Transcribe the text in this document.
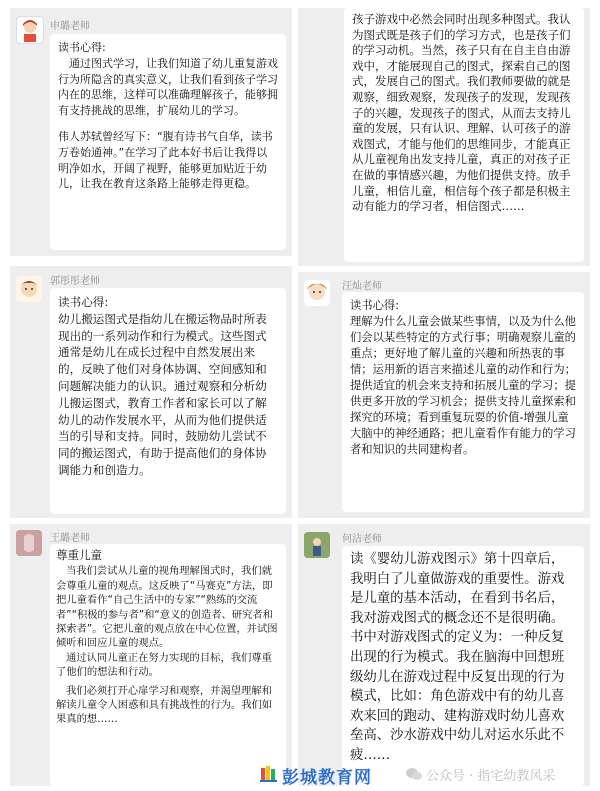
申璐老师

读书心得:

通过图式学习，让我们知道了幼儿重复游戏行为所隐含的真实意义，让我们看到孩子学习内在的思维，这样可以准确理解孩子，能够拥有支持挑战的思维，扩展幼儿的学习。

伟人苏轼曾经写下：“腹有诗书气自华，读书万卷始通神。”在学习了此本好书后让我得以明净如水，开阔了视野，能够更加贴近于幼儿，让我在教育这条路上能够走得更稳。

孩子游戏中必然会同时出现多种图式。我认为图式既是孩子们的学习方式，也是孩子们的学习动机。当然，孩子只有在自主自由游戏中，才能展现自己的图式，探索自己的图式，发展自己的图式。我们教师要做的就是观察，细致观察，发现孩子的发现，发现孩子的兴趣，发现孩子的图式，从而去支持儿童的发展，只有认识、理解、认可孩子的游戏图式，才能与他们的思维同步，才能真正从儿童视角出发支持儿童，真正的对孩子正在做的事情感兴趣，为他们提供支持。放手儿童，相信儿童，相信每个孩子都是积极主动有能力的学习者，相信图式……

郭彤彤老师

读书心得:

幼儿搬运图式是指幼儿在搬运物品时所表现出的一系列动作和行为模式。这些图式通常是幼儿在成长过程中自然发展出来的，反映了他们对身体协调、空间感知和问题解决能力的认识。通过观察和分析幼儿搬运图式，教育工作者和家长可以了解幼儿的动作发展水平，从而为他们提供适当的引导和支持。同时，鼓励幼儿尝试不同的搬运图式，有助于提高他们的身体协调能力和创造力。

汪灿老师

读书心得:

理解为什么儿童会做某些事情，以及为什么他们会以某些特定的方式行事；明确观察儿童的重点；更好地了解儿童的兴趣和所热衷的事情；运用新的语言来描述儿童的动作和行为；提供适宜的机会来支持和拓展儿童的学习；提供更多开放的学习机会；提供支持儿童探索和探究的环境；看到重复玩耍的价值-增强儿童大脑中的神经通路；把儿童看作有能力的学习者和知识的共同建构者。

王璐老师

尊重儿童

当我们尝试从儿童的视角理解图式时，我们就会尊重儿童的观点。这反映了“马赛克”方法，即把儿童看作“自己生活中的专家”“熟练的交流者”“积极的参与者”和“意义的创造者、研究者和探索者”。它把儿童的观点放在中心位置，并试图倾听和回应儿童的观点。

通过认同儿童正在努力实现的目标，我们尊重了他们的想法和行动。

我们必须打开心扉学习和观察，并渴望理解和解读儿童令人困惑和具有挑战性的行为。我们如果真的想……

何洁老师

读《婴幼儿游戏图示》第十四章后，我明白了儿童做游戏的重要性。游戏是儿童的基本活动，在看到书名后，我对游戏图式的概念还不是很明确。书中对游戏图式的定义为：一种反复出现的行为模式。我在脑海中回想班级幼儿在游戏过程中反复出现的行为模式，比如：角色游戏中有的幼儿喜欢来回的跑动、建构游戏时幼儿喜欢垒高、沙水游戏中幼儿对运水乐此不疲……

公众号 · 指宅幼教风采
彭城教育网
